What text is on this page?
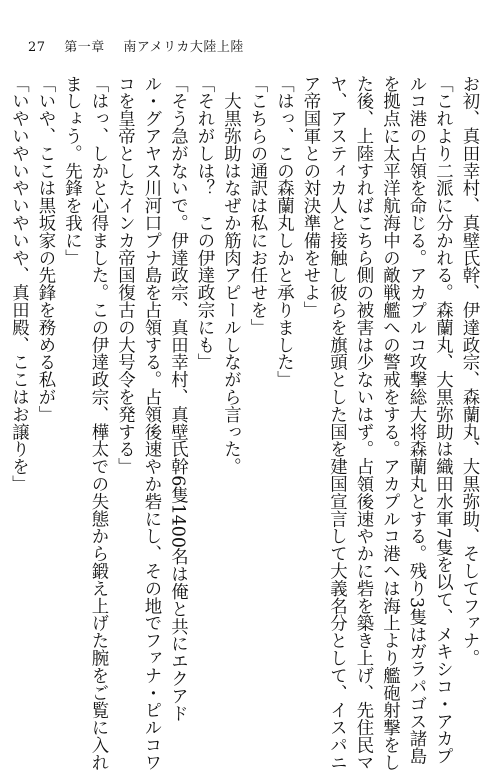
27 第一章 南アメリカ大陸上陸

お初、真田幸村、真壁氏幹、伊達政宗、森蘭丸、大黒弥助、そしてファナ。

「これより二派に分かれる。森蘭丸、大黒弥助は織田水軍7隻を以て、メキシコ・アカプ

ルコ港の占領を命じる。アカプルコ攻撃総大将森蘭丸とする。残り3隻はガラパゴス諸島

を拠点に太平洋航海中の敵戦艦への警戒をする。アカプルコ港へは海上より艦砲射撃をし

た後、上陸すればこちら側の被害は少ないはず。占領後速やかに砦を築き上げ、先住民マ

ヤ、アスティカ人と接触し彼らを旗頭とした国を建国宣言して大義名分として、イスパニ

ア帝国軍との対決準備をせよ」

「はっ、この森蘭丸しかと承りました」

「こちらの通訳は私にお任せを」

　大黒弥助はなぜか筋肉アピールしながら言った。

「それがしは？　この伊達政宗にも」

「そう急がないで。伊達政宗、真田幸村、真壁氏幹6隻1400名は俺と共にエクアド

ル・グアヤス川河口プナ島を占領する。占領後速やか砦にし、その地でファナ・ピルコワ

コを皇帝としたインカ帝国復古の大号令を発する」

「はっ、しかと心得ました。この伊達政宗、樺太での失態から鍛え上げた腕をご覧に入れ

ましょう。先鋒を我に」

「いや、ここは黒坂家の先鋒を務める私が」

「いやいやいやいやいや、真田殿、ここはお譲りを」
